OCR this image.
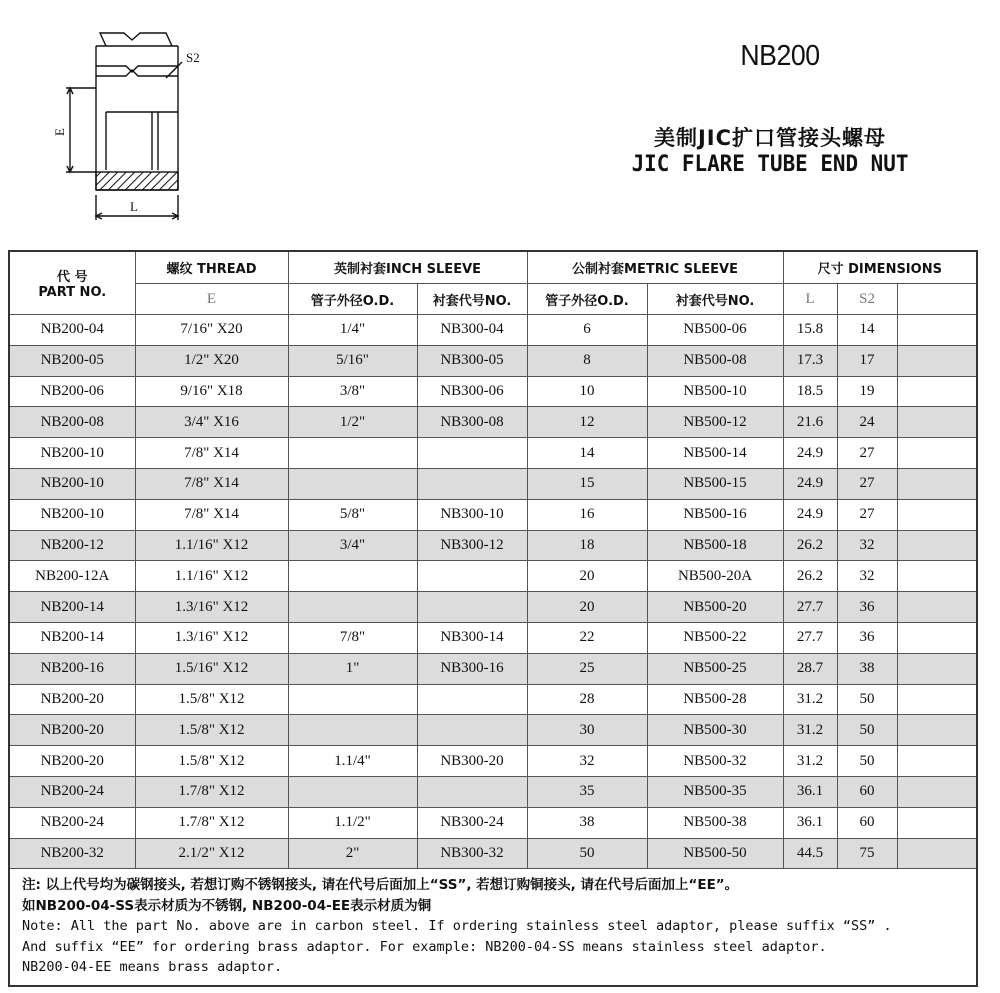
S2
E
L
NB200
美制JIC扩口管接头螺母
JIC FLARE TUBE END NUT
代 号
PART NO.	螺纹 THREAD	英制衬套INCH SLEEVE		公制衬套METRIC SLEEVE		尺寸 DIMENSIONS		
	E	管子外径O.D.	衬套代号NO.	管子外径O.D.	衬套代号NO.	L	S2	
NB200-04	7/16" X20	1/4"	NB300-04	6	NB500-06	15.8	14	
NB200-05	1/2" X20	5/16"	NB300-05	8	NB500-08	17.3	17	
NB200-06	9/16" X18	3/8"	NB300-06	10	NB500-10	18.5	19	
NB200-08	3/4" X16	1/2"	NB300-08	12	NB500-12	21.6	24	
NB200-10	7/8" X14			14	NB500-14	24.9	27	
NB200-10	7/8" X14			15	NB500-15	24.9	27	
NB200-10	7/8" X14	5/8"	NB300-10	16	NB500-16	24.9	27	
NB200-12	1.1/16" X12	3/4"	NB300-12	18	NB500-18	26.2	32	
NB200-12A	1.1/16" X12			20	NB500-20A	26.2	32	
NB200-14	1.3/16" X12			20	NB500-20	27.7	36	
NB200-14	1.3/16" X12	7/8"	NB300-14	22	NB500-22	27.7	36	
NB200-16	1.5/16" X12	1"	NB300-16	25	NB500-25	28.7	38	
NB200-20	1.5/8" X12			28	NB500-28	31.2	50	
NB200-20	1.5/8" X12			30	NB500-30	31.2	50	
NB200-20	1.5/8" X12	1.1/4"	NB300-20	32	NB500-32	31.2	50	
NB200-24	1.7/8" X12			35	NB500-35	36.1	60	
NB200-24	1.7/8" X12	1.1/2"	NB300-24	38	NB500-38	36.1	60	
NB200-32	2.1/2" X12	2"	NB300-32	50	NB500-50	44.5	75	

注: 以上代号均为碳钢接头, 若想订购不锈钢接头, 请在代号后面加上“SS”, 若想订购铜接头, 请在代号后面加上“EE”。
如NB200-04-SS表示材质为不锈钢, NB200-04-EE表示材质为铜
Note: All the part No. above are in carbon steel. If ordering stainless steel adaptor, please suffix “SS” .
And suffix “EE” for ordering brass adaptor. For example: NB200-04-SS means stainless steel adaptor.
NB200-04-EE means brass adaptor.								
